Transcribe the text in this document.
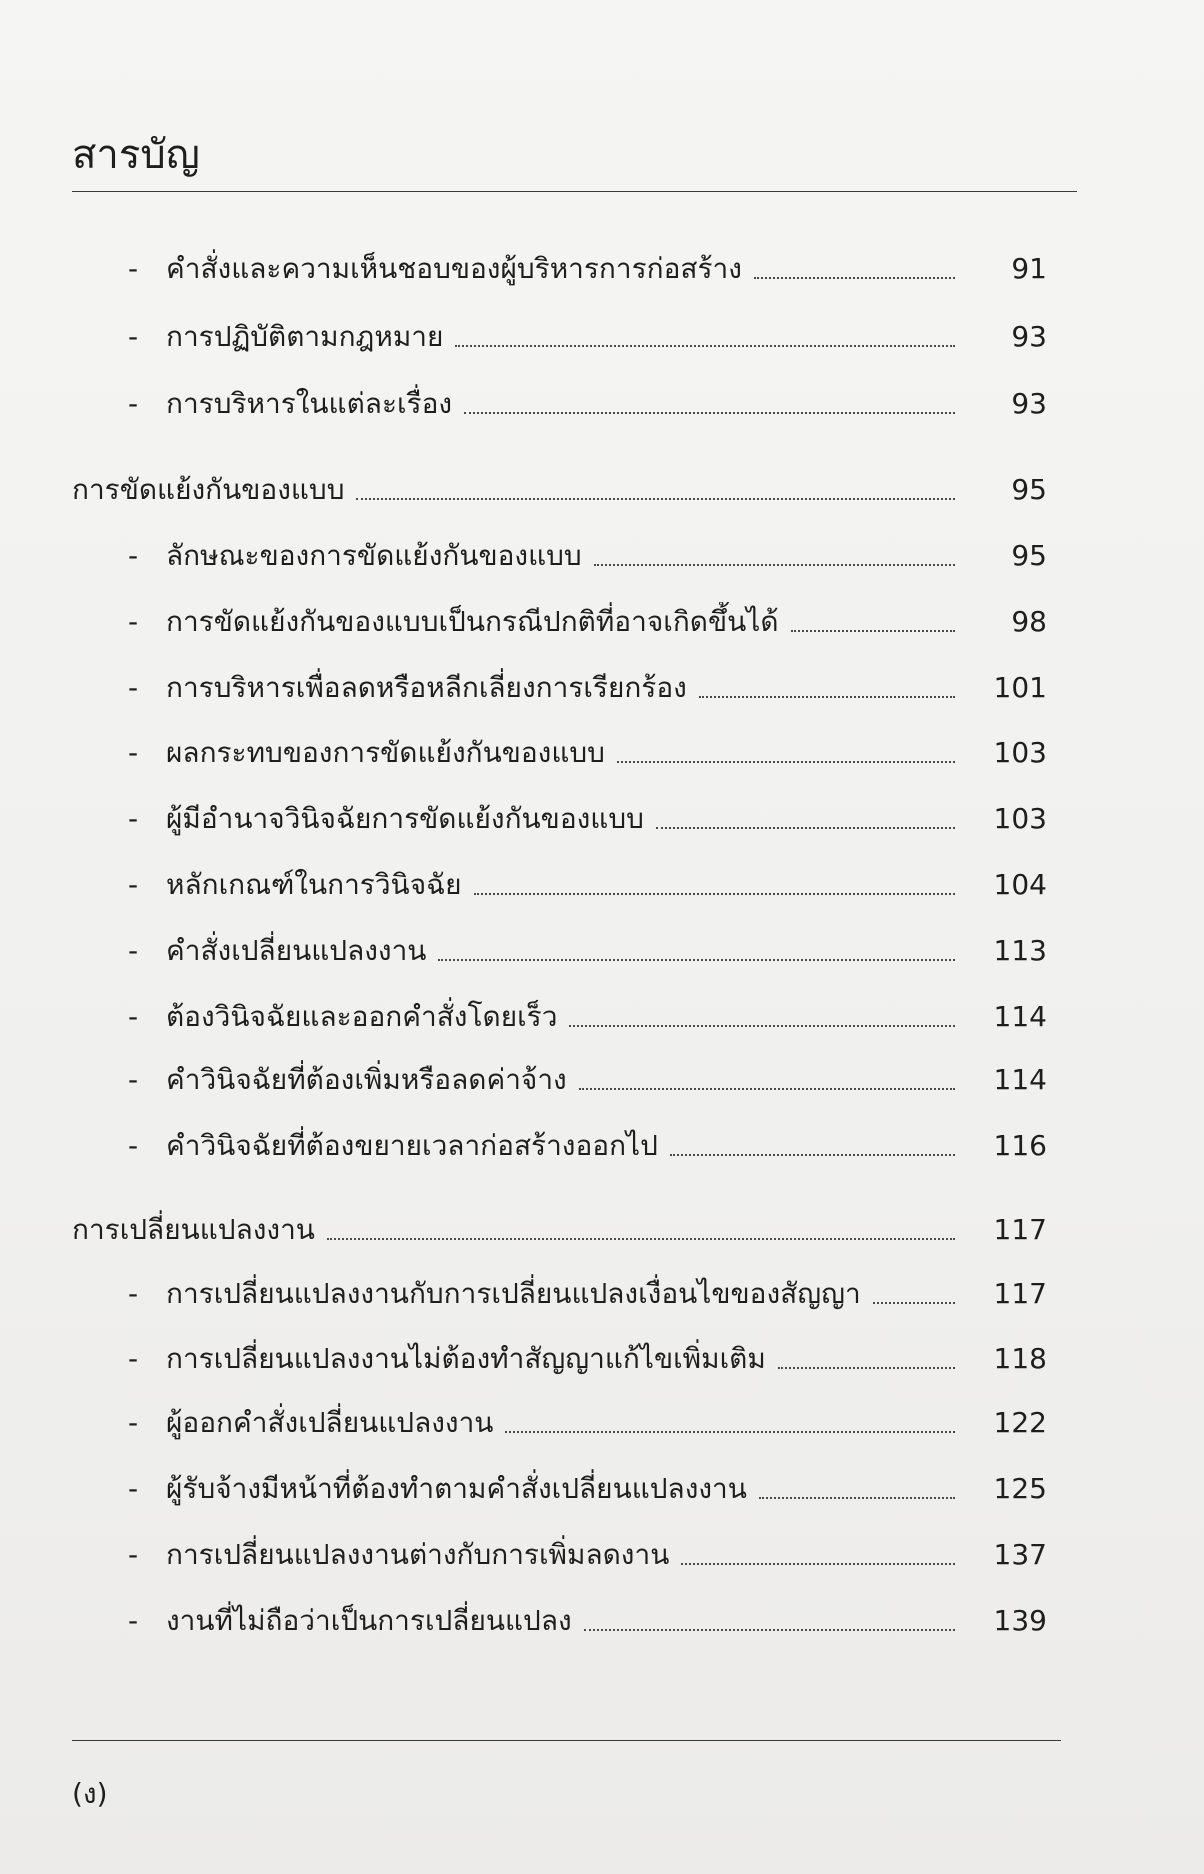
สารบัญ
- คำสั่งและความเห็นชอบของผู้บริหารการก่อสร้าง	91
- การปฏิบัติตามกฎหมาย	93
- การบริหารในแต่ละเรื่อง	93
การขัดแย้งกันของแบบ	95
- ลักษณะของการขัดแย้งกันของแบบ	95
- การขัดแย้งกันของแบบเป็นกรณีปกติที่อาจเกิดขึ้นได้	98
- การบริหารเพื่อลดหรือหลีกเลี่ยงการเรียกร้อง	101
- ผลกระทบของการขัดแย้งกันของแบบ	103
- ผู้มีอำนาจวินิจฉัยการขัดแย้งกันของแบบ	103
- หลักเกณฑ์ในการวินิจฉัย	104
- คำสั่งเปลี่ยนแปลงงาน	113
- ต้องวินิจฉัยและออกคำสั่งโดยเร็ว	114
- คำวินิจฉัยที่ต้องเพิ่มหรือลดค่าจ้าง	114
- คำวินิจฉัยที่ต้องขยายเวลาก่อสร้างออกไป	116
การเปลี่ยนแปลงงาน	117
- การเปลี่ยนแปลงงานกับการเปลี่ยนแปลงเงื่อนไขของสัญญา	117
- การเปลี่ยนแปลงงานไม่ต้องทำสัญญาแก้ไขเพิ่มเติม	118
- ผู้ออกคำสั่งเปลี่ยนแปลงงาน	122
- ผู้รับจ้างมีหน้าที่ต้องทำตามคำสั่งเปลี่ยนแปลงงาน	125
- การเปลี่ยนแปลงงานต่างกับการเพิ่มลดงาน	137
- งานที่ไม่ถือว่าเป็นการเปลี่ยนแปลง	139
(ง)
